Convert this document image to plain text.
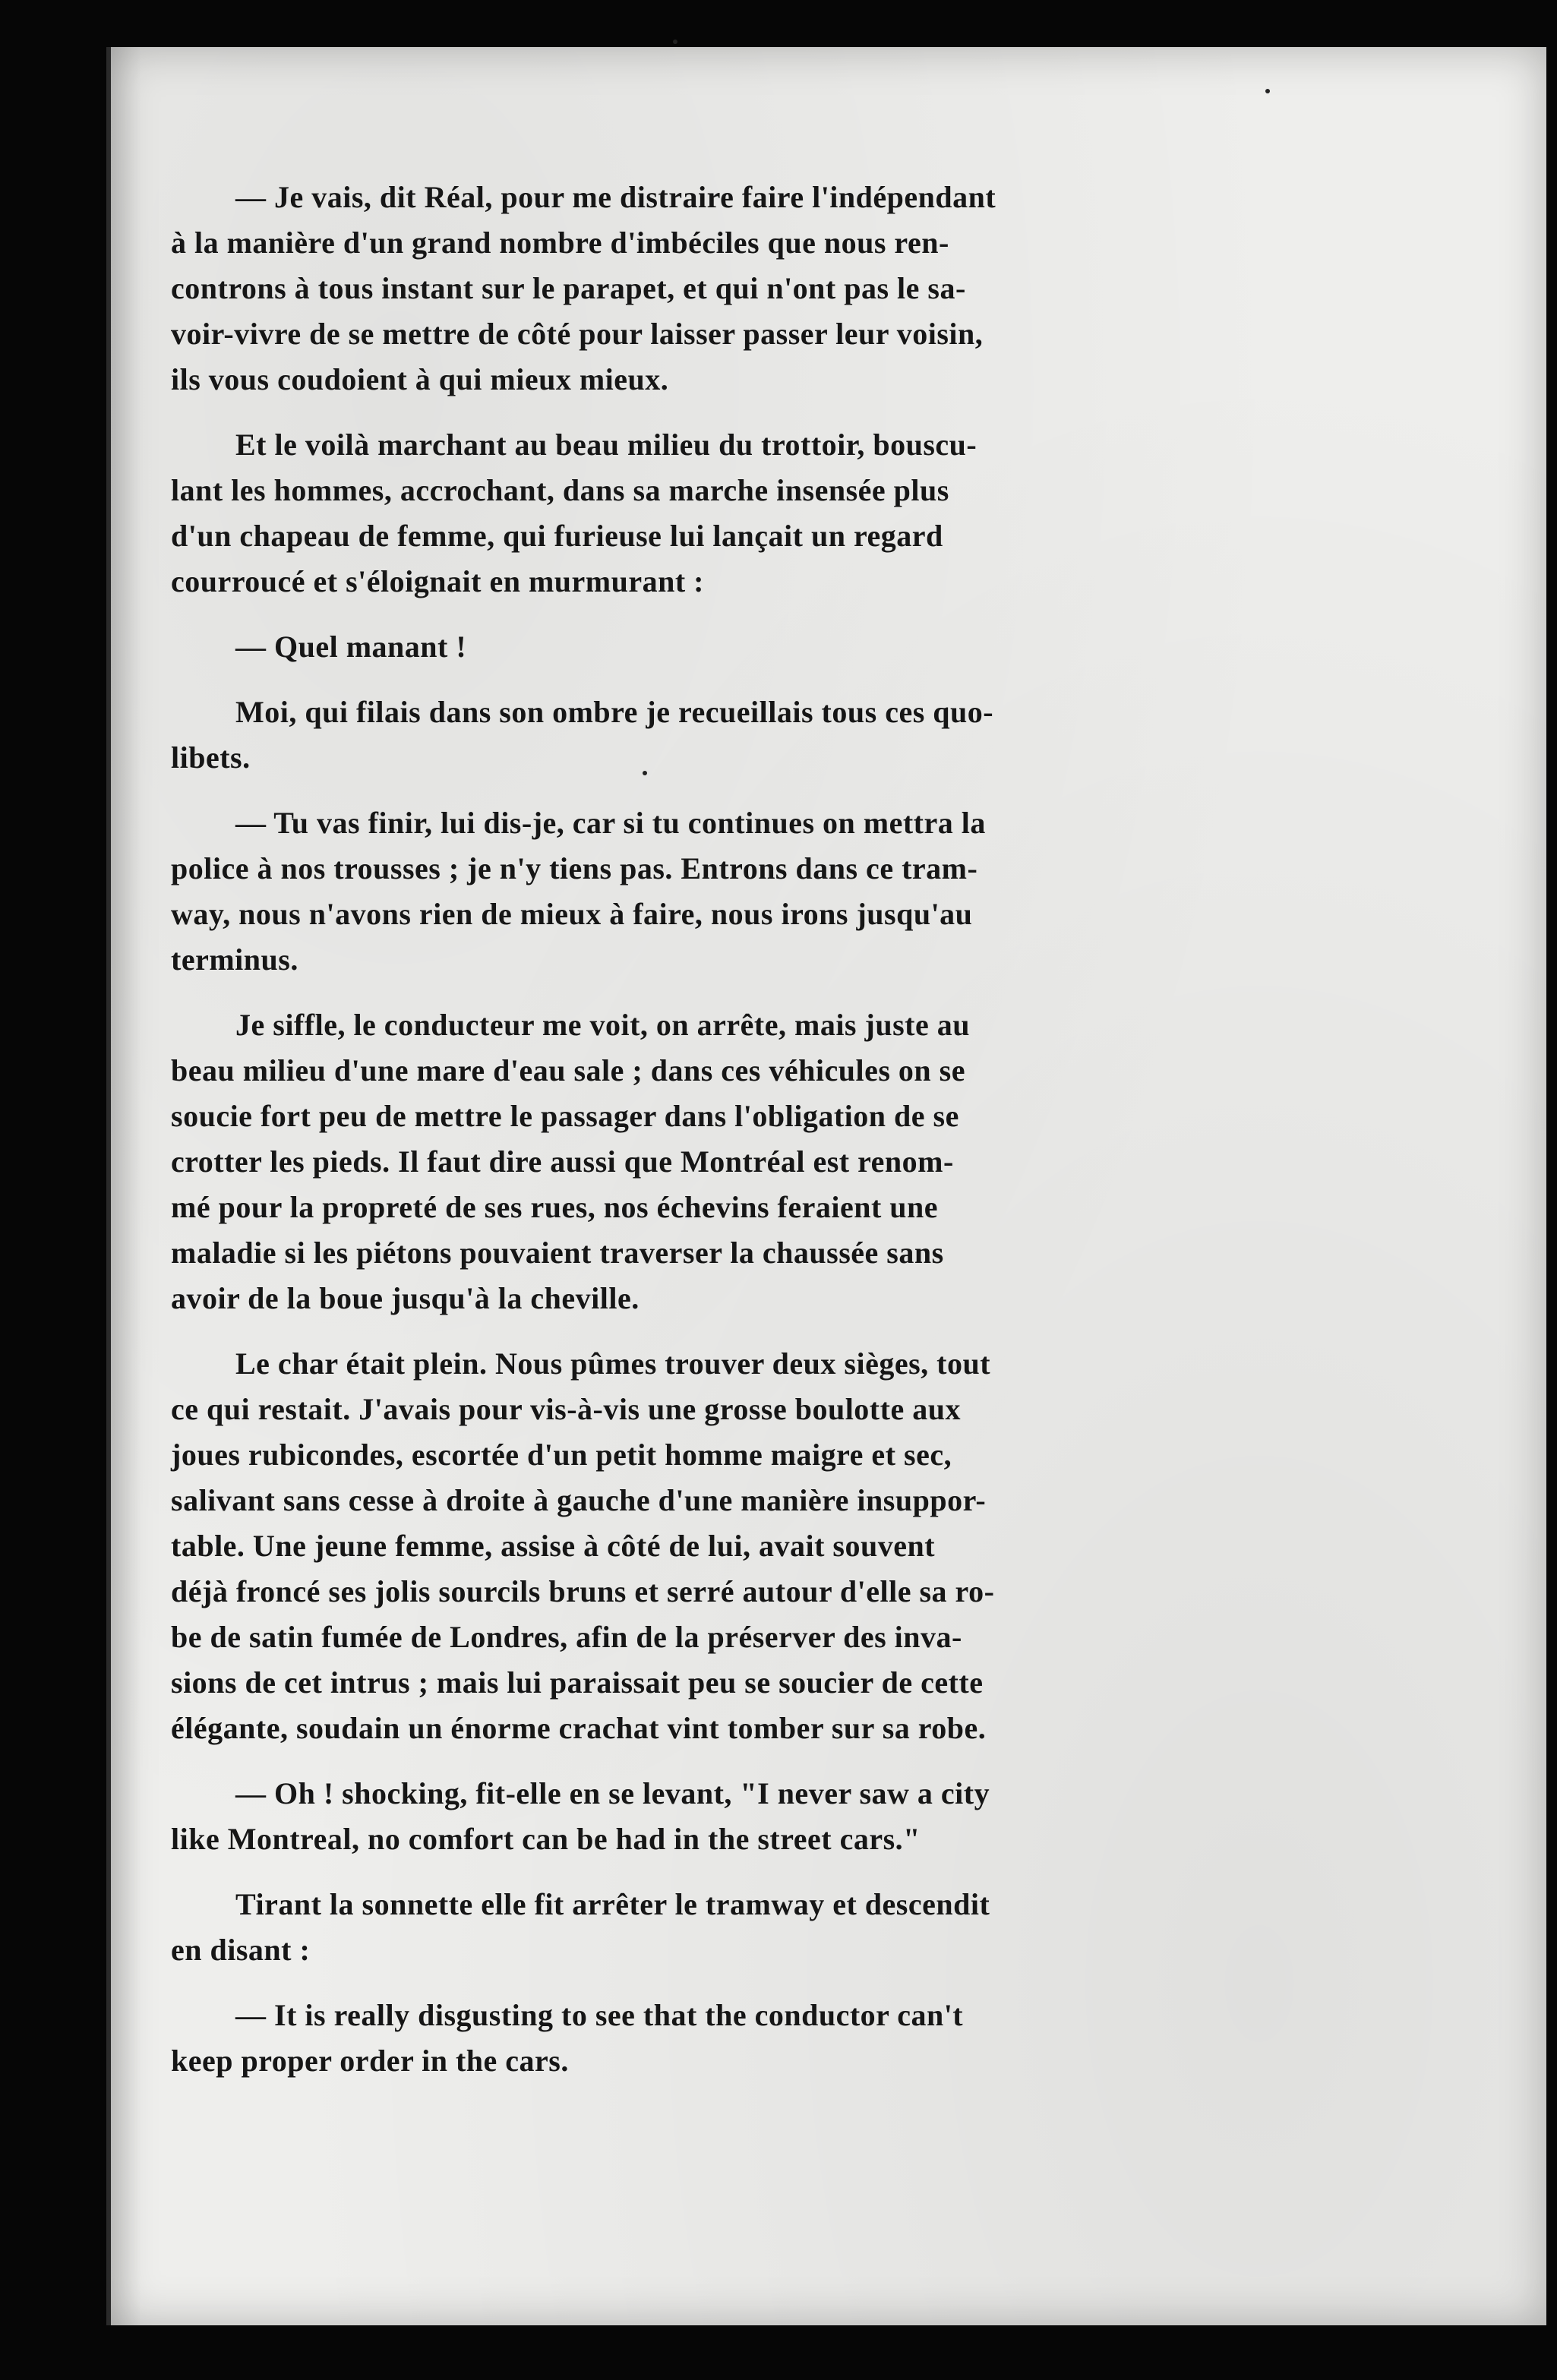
— Je vais, dit Réal, pour me distraire faire l'indépendant
à la manière d'un grand nombre d'imbéciles que nous ren-
controns à tous instant sur le parapet, et qui n'ont pas le sa-
voir-vivre de se mettre de côté pour laisser passer leur voisin,
ils vous coudoient à qui mieux mieux.

Et le voilà marchant au beau milieu du trottoir, bouscu-
lant les hommes, accrochant, dans sa marche insensée plus
d'un chapeau de femme, qui furieuse lui lançait un regard
courroucé et s'éloignait en murmurant :

— Quel manant !

Moi, qui filais dans son ombre je recueillais tous ces quo-
libets.

— Tu vas finir, lui dis-je, car si tu continues on mettra la
police à nos trousses ; je n'y tiens pas. Entrons dans ce tram-
way, nous n'avons rien de mieux à faire, nous irons jusqu'au
terminus.

Je siffle, le conducteur me voit, on arrête, mais juste au
beau milieu d'une mare d'eau sale ; dans ces véhicules on se
soucie fort peu de mettre le passager dans l'obligation de se
crotter les pieds. Il faut dire aussi que Montréal est renom-
mé pour la propreté de ses rues, nos échevins feraient une
maladie si les piétons pouvaient traverser la chaussée sans
avoir de la boue jusqu'à la cheville.

Le char était plein. Nous pûmes trouver deux sièges, tout
ce qui restait. J'avais pour vis-à-vis une grosse boulotte aux
joues rubicondes, escortée d'un petit homme maigre et sec,
salivant sans cesse à droite à gauche d'une manière insuppor-
table. Une jeune femme, assise à côté de lui, avait souvent
déjà froncé ses jolis sourcils bruns et serré autour d'elle sa ro-
be de satin fumée de Londres, afin de la préserver des inva-
sions de cet intrus ; mais lui paraissait peu se soucier de cette
élégante, soudain un énorme crachat vint tomber sur sa robe.

— Oh ! shocking, fit-elle en se levant, "I never saw a city
like Montreal, no comfort can be had in the street cars."

Tirant la sonnette elle fit arrêter le tramway et descendit
en disant :

— It is really disgusting to see that the conductor can't
keep proper order in the cars.
